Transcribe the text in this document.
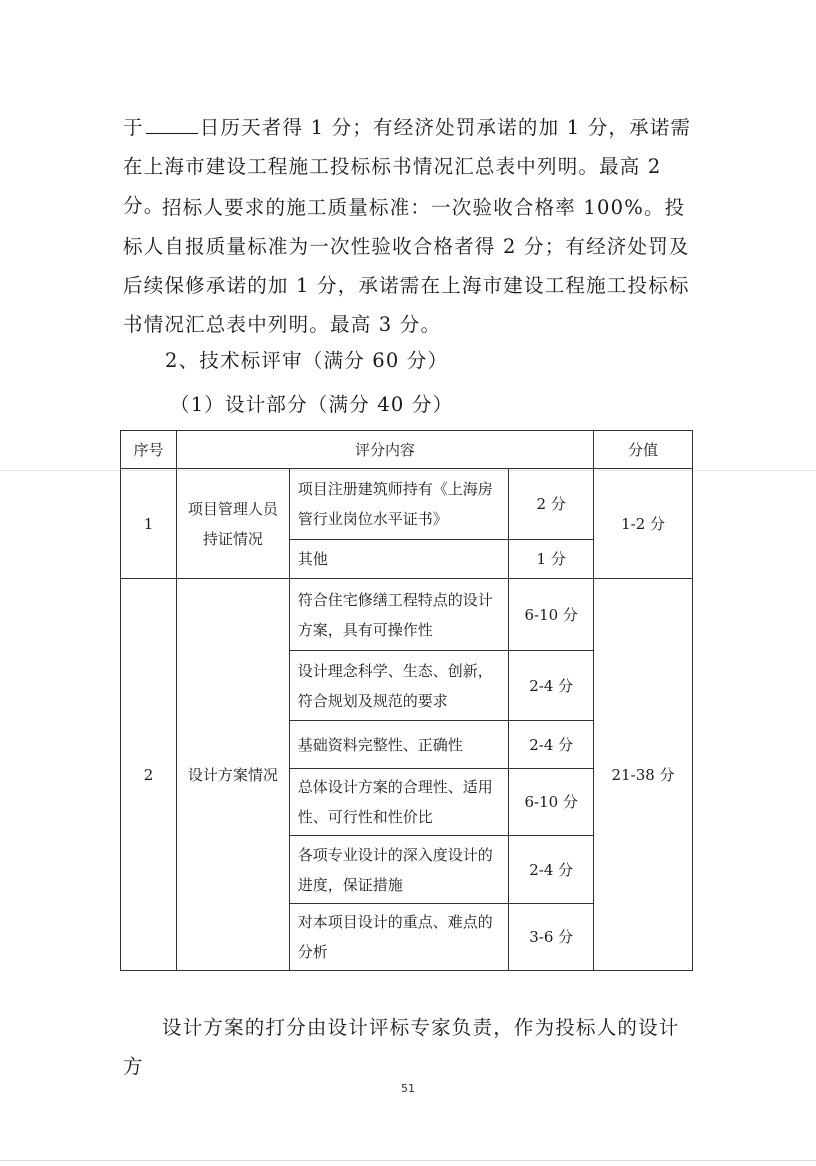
于	日历天者得 1 分；有经济处罚承诺的加 1 分，承诺需在上海市建设工程施工投标标书情况汇总表中列明。最高 2 分。

招标人要求的施工质量标准：一次验收合格率 100%。投标人自报质量标准为一次性验收合格者得 2 分；有经济处罚及后续保修承诺的加 1 分，承诺需在上海市建设工程施工投标标书情况汇总表中列明。最高 3 分。

2、技术标评审（满分 60 分）

（1）设计部分（满分 40 分）

序号	评分内容			分值
1	项目管理人员持证情况	项目注册建筑师持有《上海房管行业岗位水平证书》	2 分	1-2 分
		其他	1 分	
2	设计方案情况	符合住宅修缮工程特点的设计方案，具有可操作性	6-10 分	21-38 分
		设计理念科学、生态、创新，符合规划及规范的要求	2-4 分	
		基础资料完整性、正确性	2-4 分	
		总体设计方案的合理性、适用性、可行性和性价比	6-10 分	
		各项专业设计的深入度设计的进度，保证措施	2-4 分	
		对本项目设计的重点、难点的分析	3-6 分	

设计方案的打分由设计评标专家负责，作为投标人的设计方

51
